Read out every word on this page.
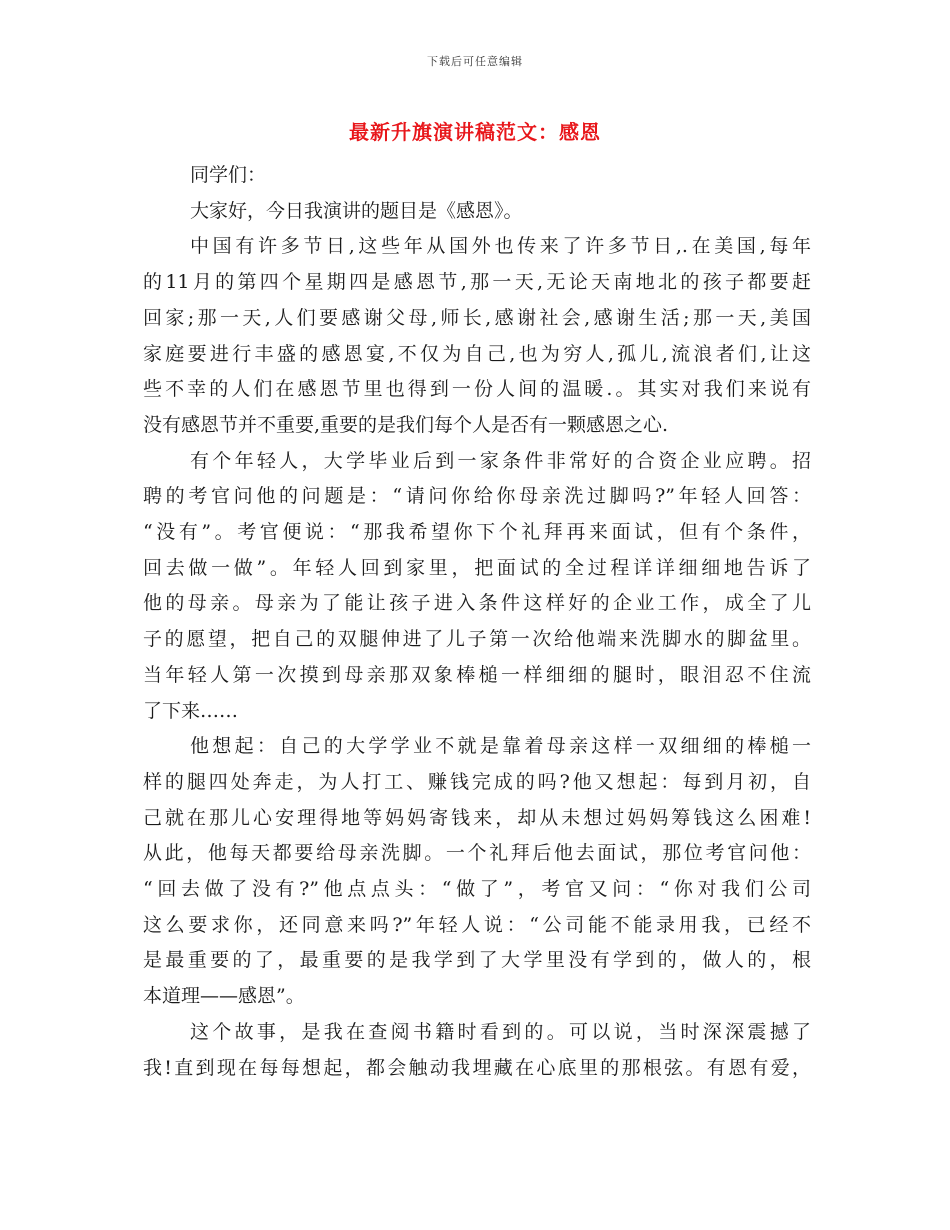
下载后可任意编辑
最新升旗演讲稿范文：感恩
同学们：
大家好，今日我演讲的题目是《感恩》。
中国有许多节日,这些年从国外也传来了许多节日,.在美国,每年
的11月的第四个星期四是感恩节,那一天,无论天南地北的孩子都要赶
回家;那一天,人们要感谢父母,师长,感谢社会,感谢生活;那一天,美国
家庭要进行丰盛的感恩宴,不仅为自己,也为穷人,孤儿,流浪者们,让这
些不幸的人们在感恩节里也得到一份人间的温暖.。其实对我们来说有
没有感恩节并不重要,重要的是我们每个人是否有一颗感恩之心.
有个年轻人，大学毕业后到一家条件非常好的合资企业应聘。招
聘的考官问他的问题是：“请问你给你母亲洗过脚吗?”年轻人回答：
“没有”。考官便说：“那我希望你下个礼拜再来面试，但有个条件，
回去做一做”。年轻人回到家里，把面试的全过程详详细细地告诉了
他的母亲。母亲为了能让孩子进入条件这样好的企业工作，成全了儿
子的愿望，把自己的双腿伸进了儿子第一次给他端来洗脚水的脚盆里。
当年轻人第一次摸到母亲那双象棒槌一样细细的腿时，眼泪忍不住流
了下来……
他想起：自己的大学学业不就是靠着母亲这样一双细细的棒槌一
样的腿四处奔走，为人打工、赚钱完成的吗?他又想起：每到月初，自
己就在那儿心安理得地等妈妈寄钱来，却从未想过妈妈筹钱这么困难!
从此，他每天都要给母亲洗脚。一个礼拜后他去面试，那位考官问他：
“回去做了没有?”他点点头：“做了”，考官又问：“你对我们公司
这么要求你，还同意来吗?”年轻人说：“公司能不能录用我，已经不
是最重要的了，最重要的是我学到了大学里没有学到的，做人的，根
本道理——感恩”。
这个故事，是我在查阅书籍时看到的。可以说，当时深深震撼了
我!直到现在每每想起，都会触动我埋藏在心底里的那根弦。有恩有爱，
